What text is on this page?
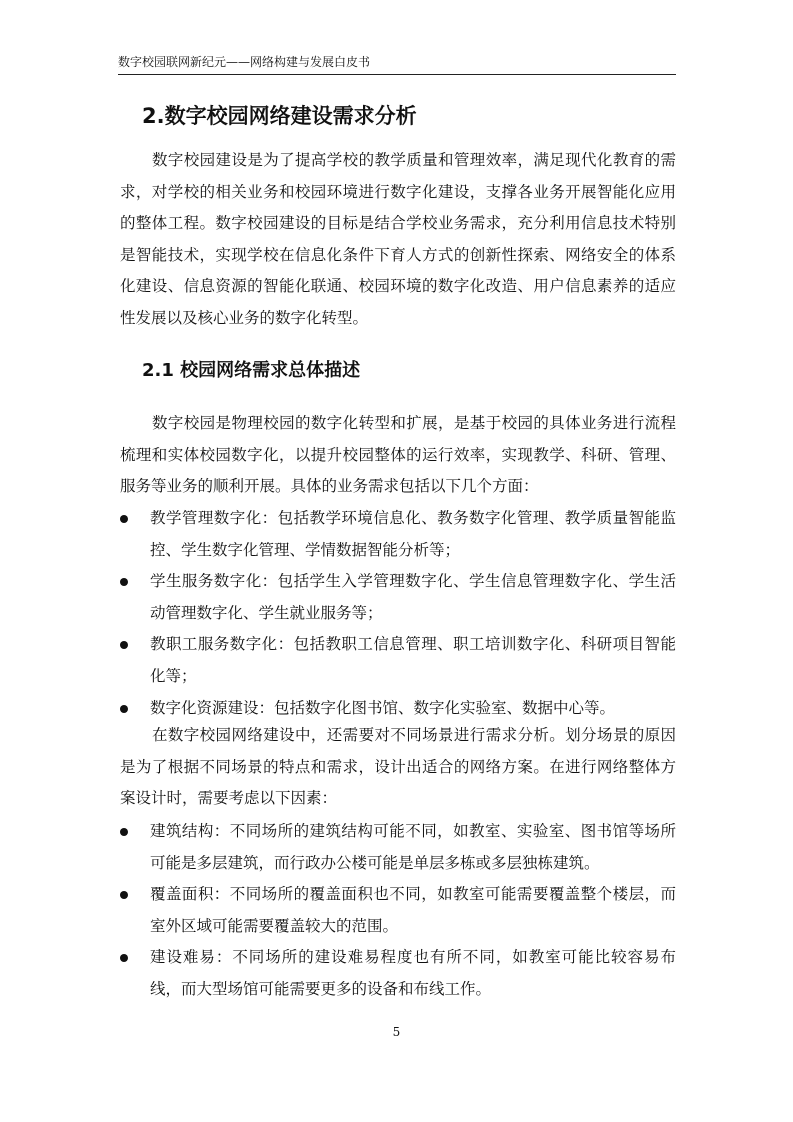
数字校园联网新纪元——网络构建与发展白皮书
2.数字校园网络建设需求分析

数字校园建设是为了提高学校的教学质量和管理效率，满足现代化教育的需求，对学校的相关业务和校园环境进行数字化建设，支撑各业务开展智能化应用的整体工程。数字校园建设的目标是结合学校业务需求，充分利用信息技术特别是智能技术，实现学校在信息化条件下育人方式的创新性探索、网络安全的体系化建设、信息资源的智能化联通、校园环境的数字化改造、用户信息素养的适应性发展以及核心业务的数字化转型。

2.1 校园网络需求总体描述

数字校园是物理校园的数字化转型和扩展，是基于校园的具体业务进行流程梳理和实体校园数字化，以提升校园整体的运行效率，实现教学、科研、管理、服务等业务的顺利开展。具体的业务需求包括以下几个方面：

教学管理数字化：包括教学环境信息化、教务数字化管理、教学质量智能监控、学生数字化管理、学情数据智能分析等；
学生服务数字化：包括学生入学管理数字化、学生信息管理数字化、学生活动管理数字化、学生就业服务等；
教职工服务数字化：包括教职工信息管理、职工培训数字化、科研项目智能化等；
数字化资源建设：包括数字化图书馆、数字化实验室、数据中心等。

在数字校园网络建设中，还需要对不同场景进行需求分析。划分场景的原因是为了根据不同场景的特点和需求，设计出适合的网络方案。在进行网络整体方案设计时，需要考虑以下因素：

建筑结构：不同场所的建筑结构可能不同，如教室、实验室、图书馆等场所可能是多层建筑，而行政办公楼可能是单层多栋或多层独栋建筑。
覆盖面积：不同场所的覆盖面积也不同，如教室可能需要覆盖整个楼层，而室外区域可能需要覆盖较大的范围。
建设难易：不同场所的建设难易程度也有所不同，如教室可能比较容易布线，而大型场馆可能需要更多的设备和布线工作。
5
